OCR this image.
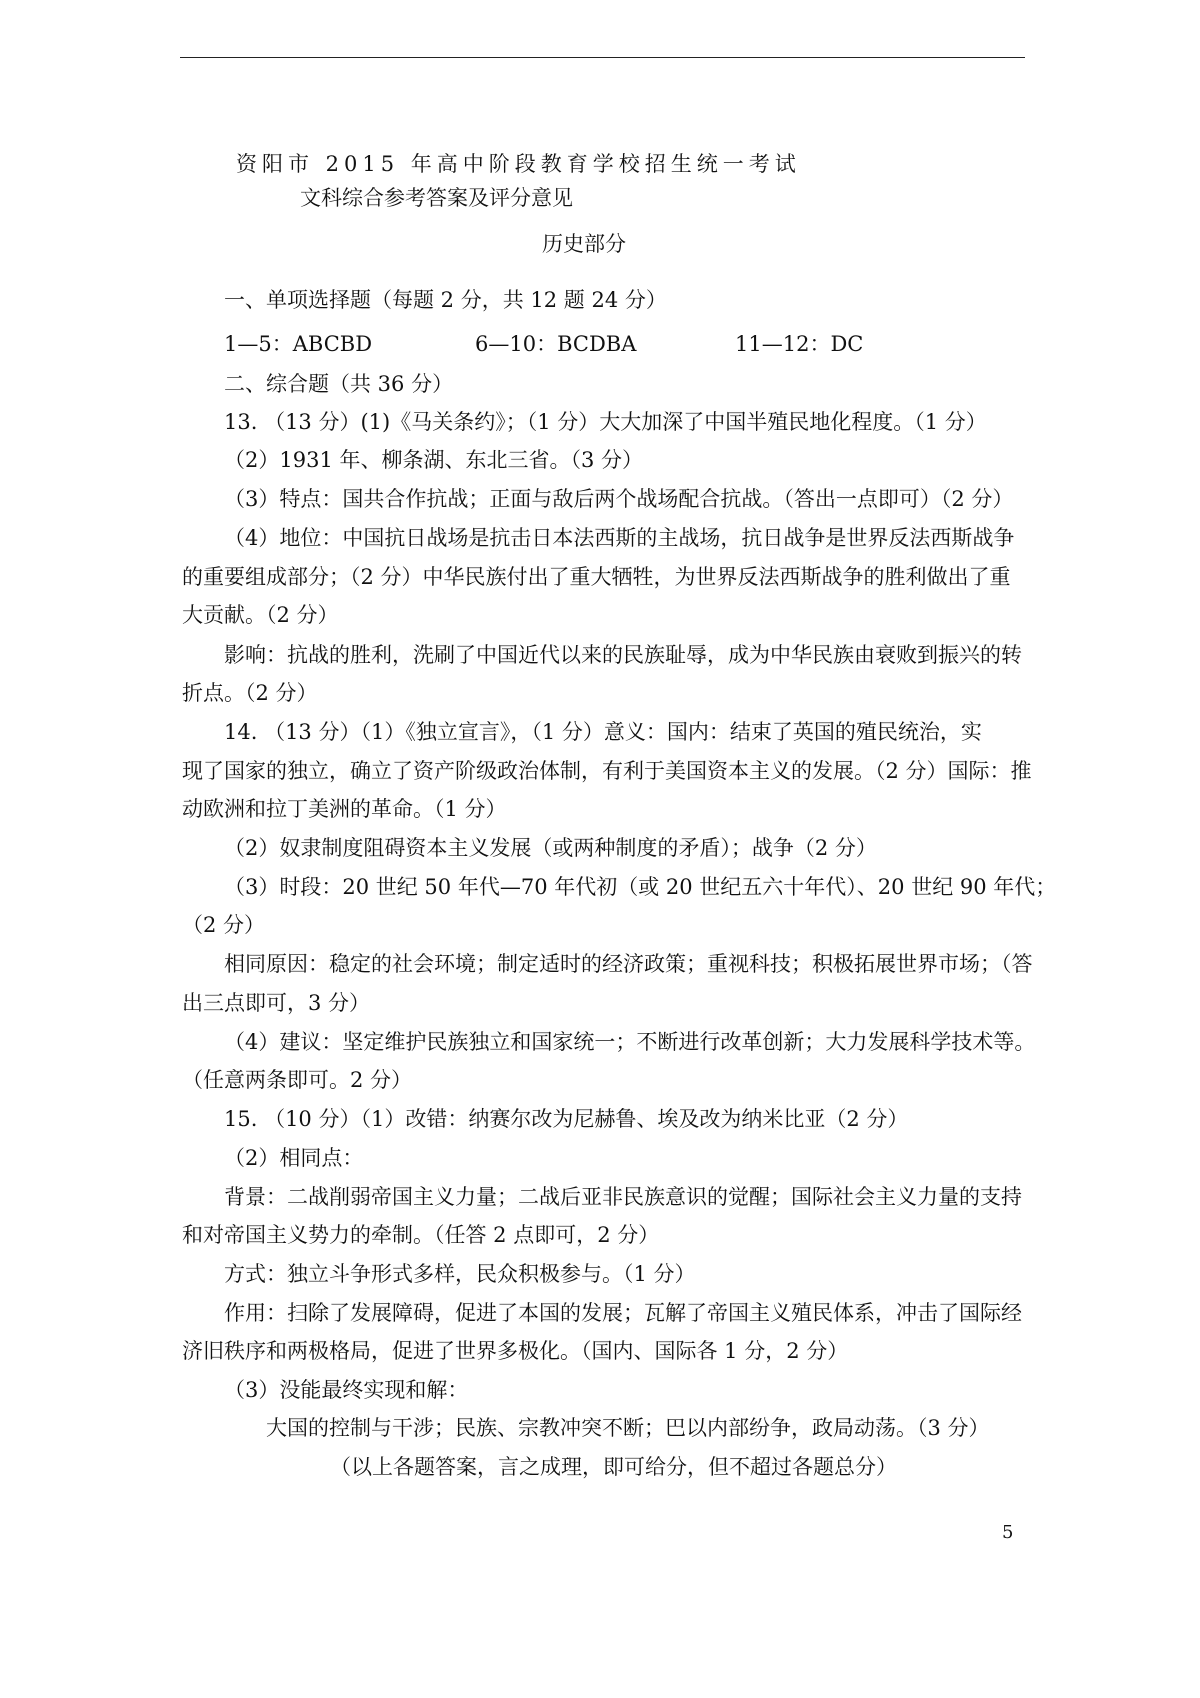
资阳市 2015 年高中阶段教育学校招生统一考试
文科综合参考答案及评分意见
历史部分
一、单项选择题（每题 2 分，共 12 题 24 分）
1—5：ABCBD	6—10：BCDBA	11—12：DC
二、综合题（共 36 分）
13. （13 分）(1)《马关条约》；（1 分）大大加深了中国半殖民地化程度。（1 分）
（2）1931 年、柳条湖、东北三省。（3 分）
（3）特点：国共合作抗战；正面与敌后两个战场配合抗战。（答出一点即可）（2 分）
（4）地位：中国抗日战场是抗击日本法西斯的主战场，抗日战争是世界反法西斯战争
的重要组成部分；（2 分）中华民族付出了重大牺牲，为世界反法西斯战争的胜利做出了重
大贡献。（2 分）
影响：抗战的胜利，洗刷了中国近代以来的民族耻辱，成为中华民族由衰败到振兴的转
折点。（2 分）
14. （13 分）（1）《独立宣言》，（1 分）意义：国内：结束了英国的殖民统治，实
现了国家的独立，确立了资产阶级政治体制，有利于美国资本主义的发展。（2 分）国际：推
动欧洲和拉丁美洲的革命。（1 分）
（2）奴隶制度阻碍资本主义发展（或两种制度的矛盾）；战争（2 分）
（3）时段：20 世纪 50 年代—70 年代初（或 20 世纪五六十年代）、20 世纪 90 年代；
（2 分）
相同原因：稳定的社会环境；制定适时的经济政策；重视科技；积极拓展世界市场；（答
出三点即可，3 分）
（4）建议：坚定维护民族独立和国家统一；不断进行改革创新；大力发展科学技术等。
（任意两条即可。2 分）
15. （10 分）（1）改错：纳赛尔改为尼赫鲁、埃及改为纳米比亚（2 分）
（2）相同点：
背景：二战削弱帝国主义力量；二战后亚非民族意识的觉醒；国际社会主义力量的支持
和对帝国主义势力的牵制。（任答 2 点即可，2 分）
方式：独立斗争形式多样，民众积极参与。（1 分）
作用：扫除了发展障碍，促进了本国的发展；瓦解了帝国主义殖民体系，冲击了国际经
济旧秩序和两极格局，促进了世界多极化。（国内、国际各 1 分，2 分）
（3）没能最终实现和解：
大国的控制与干涉；民族、宗教冲突不断；巴以内部纷争，政局动荡。（3 分）
（以上各题答案，言之成理，即可给分，但不超过各题总分）
5
